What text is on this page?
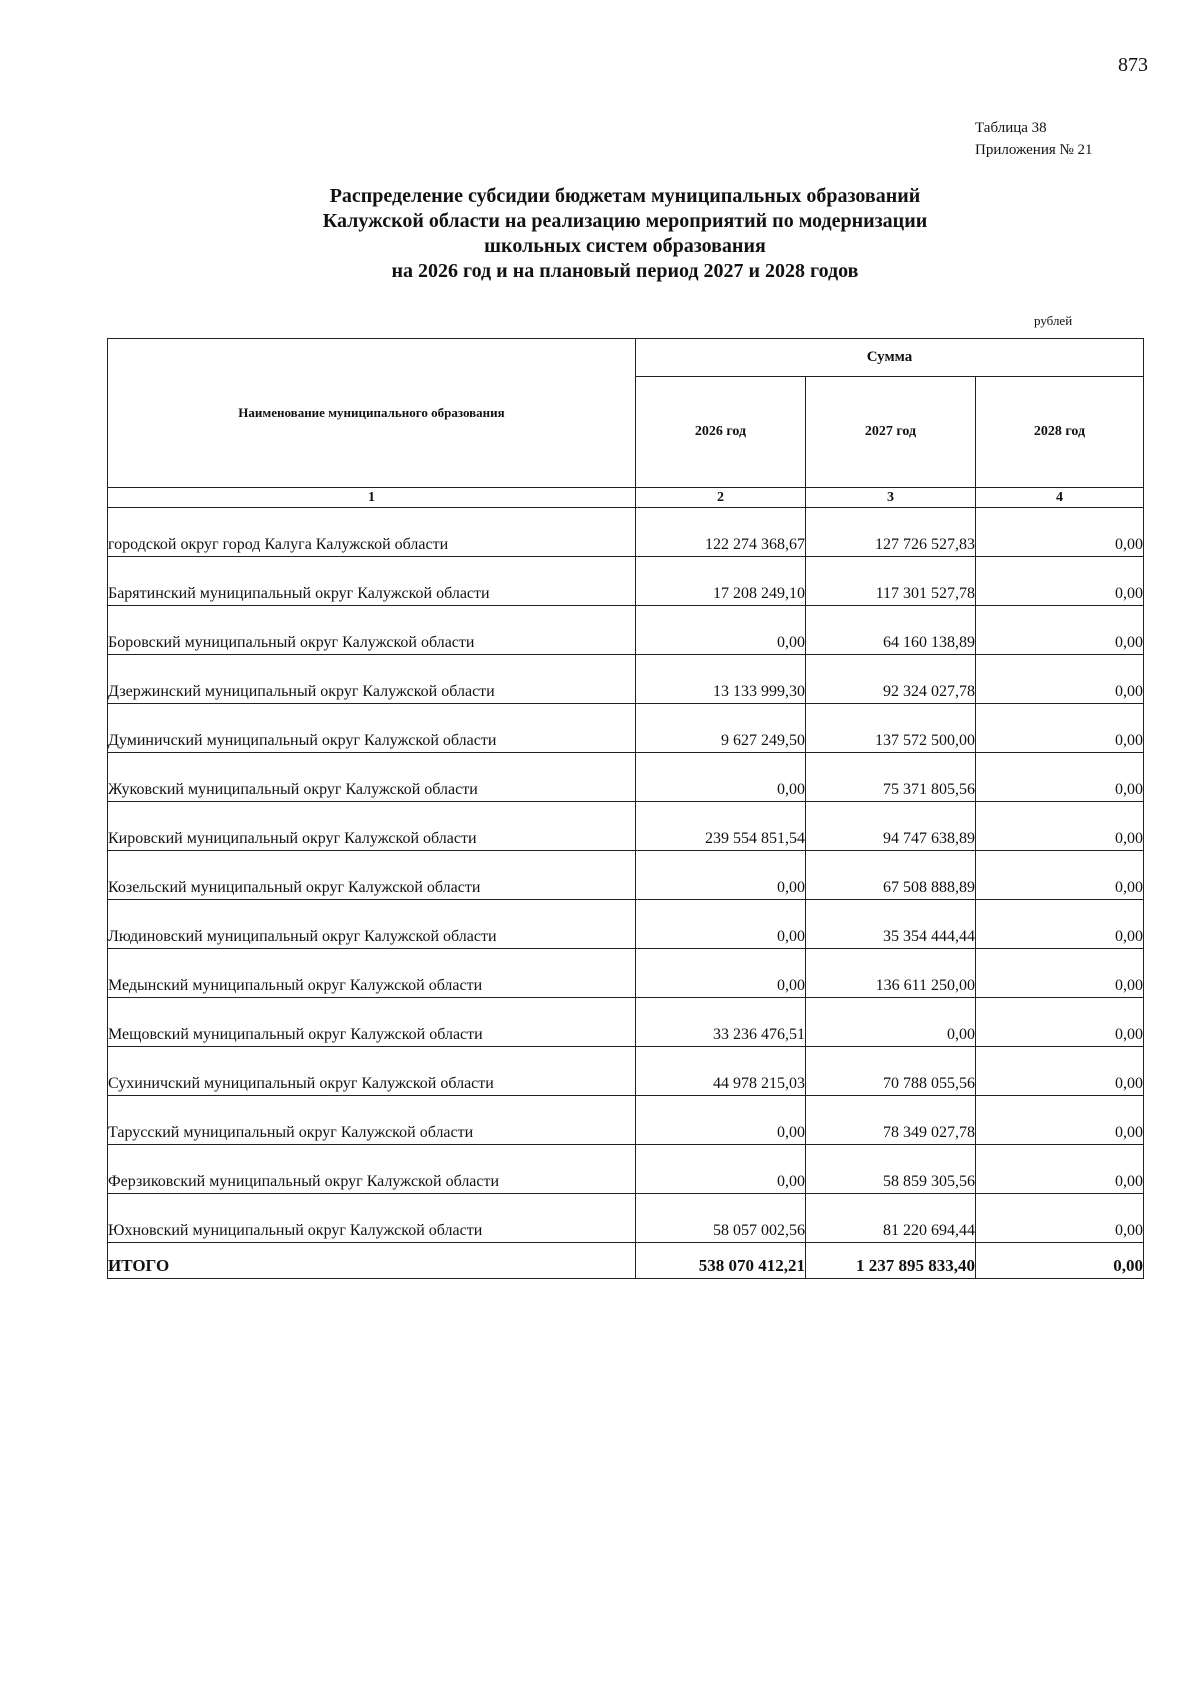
873
Таблица 38
Приложения № 21
Распределение субсидии бюджетам муниципальных образований
Калужской области на реализацию мероприятий по модернизации
школьных систем образования
на 2026 год и на плановый период 2027 и 2028 годов
рублей
Наименование муниципального образования	Сумма		
	2026 год	2027 год	2028 год
1	2	3	4
городской округ город Калуга Калужской области	122 274 368,67	127 726 527,83	0,00
Барятинский муниципальный округ Калужской области	17 208 249,10	117 301 527,78	0,00
Боровский муниципальный округ Калужской области	0,00	64 160 138,89	0,00
Дзержинский муниципальный округ Калужской области	13 133 999,30	92 324 027,78	0,00
Думиничский муниципальный округ Калужской области	9 627 249,50	137 572 500,00	0,00
Жуковский муниципальный округ Калужской области	0,00	75 371 805,56	0,00
Кировский муниципальный округ Калужской области	239 554 851,54	94 747 638,89	0,00
Козельский муниципальный округ Калужской области	0,00	67 508 888,89	0,00
Людиновский муниципальный округ Калужской области	0,00	35 354 444,44	0,00
Медынский муниципальный округ Калужской области	0,00	136 611 250,00	0,00
Мещовский муниципальный округ Калужской области	33 236 476,51	0,00	0,00
Сухиничский муниципальный округ Калужской области	44 978 215,03	70 788 055,56	0,00
Тарусский муниципальный округ Калужской области	0,00	78 349 027,78	0,00
Ферзиковский муниципальный округ Калужской области	0,00	58 859 305,56	0,00
Юхновский муниципальный округ Калужской области	58 057 002,56	81 220 694,44	0,00
ИТОГО	538 070 412,21	1 237 895 833,40	0,00
